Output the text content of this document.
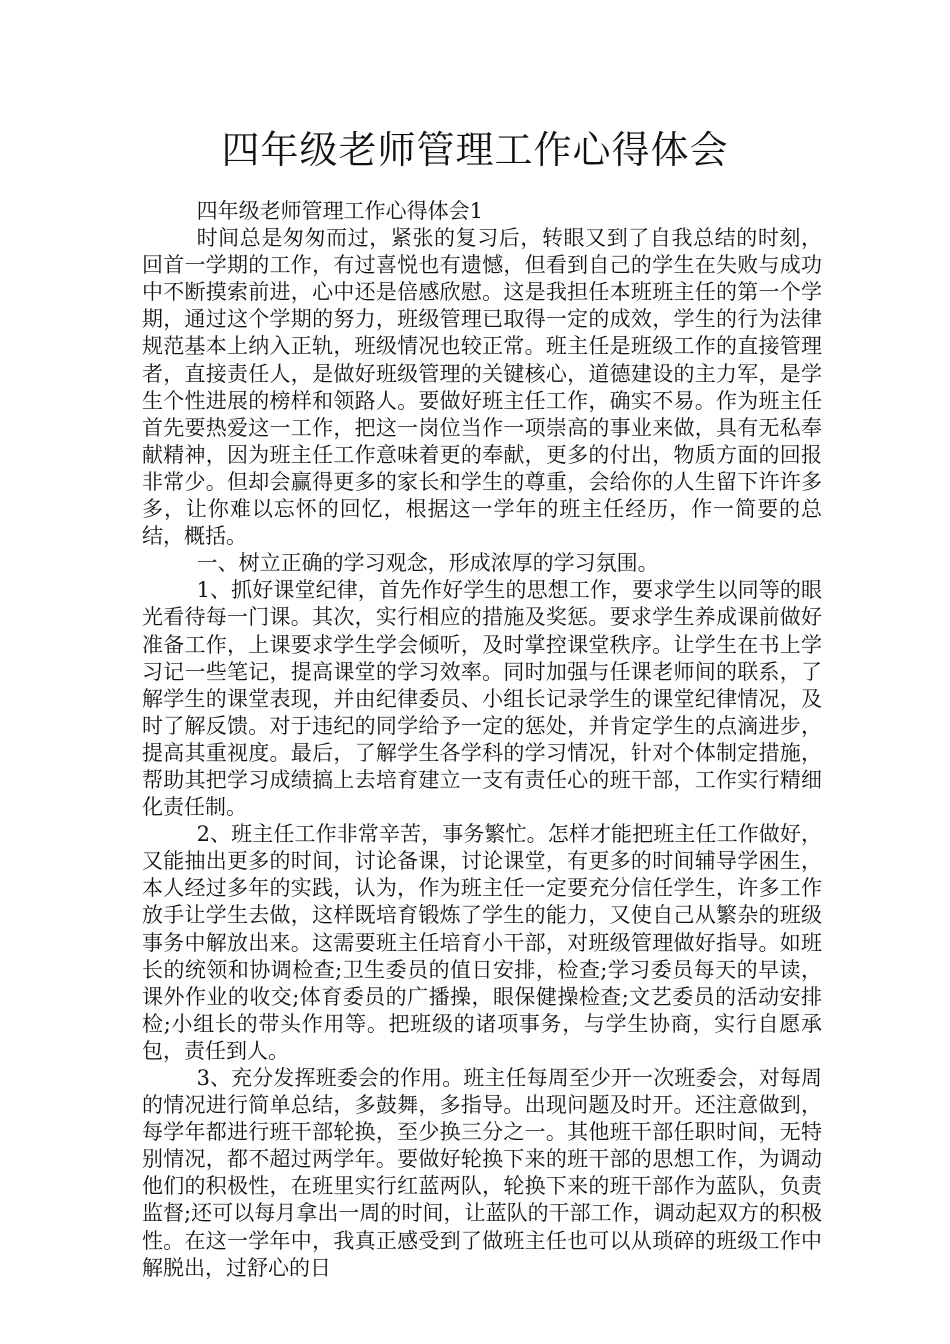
四年级老师管理工作心得体会

四年级老师管理工作心得体会1

时间总是匆匆而过，紧张的复习后，转眼又到了自我总结的时刻，回首一学期的工作，有过喜悦也有遗憾，但看到自己的学生在失败与成功中不断摸索前进，心中还是倍感欣慰。这是我担任本班班主任的第一个学期，通过这个学期的努力，班级管理已取得一定的成效，学生的行为法律规范基本上纳入正轨，班级情况也较正常。班主任是班级工作的直接管理者，直接责任人，是做好班级管理的关键核心，道德建设的主力军，是学生个性进展的榜样和领路人。要做好班主任工作，确实不易。作为班主任首先要热爱这一工作，把这一岗位当作一项崇高的事业来做，具有无私奉献精神，因为班主任工作意味着更的奉献，更多的付出，物质方面的回报非常少。但却会赢得更多的家长和学生的尊重，会给你的人生留下许许多多，让你难以忘怀的回忆，根据这一学年的班主任经历，作一简要的总结，概括。

一、树立正确的学习观念，形成浓厚的学习氛围。

1、抓好课堂纪律，首先作好学生的思想工作，要求学生以同等的眼光看待每一门课。其次，实行相应的措施及奖惩。要求学生养成课前做好准备工作，上课要求学生学会倾听，及时掌控课堂秩序。让学生在书上学习记一些笔记，提高课堂的学习效率。同时加强与任课老师间的联系，了解学生的课堂表现，并由纪律委员、小组长记录学生的课堂纪律情况，及时了解反馈。对于违纪的同学给予一定的惩处，并肯定学生的点滴进步，提高其重视度。最后，了解学生各学科的学习情况，针对个体制定措施，帮助其把学习成绩搞上去培育建立一支有责任心的班干部，工作实行精细化责任制。

2、班主任工作非常辛苦，事务繁忙。怎样才能把班主任工作做好，又能抽出更多的时间，讨论备课，讨论课堂，有更多的时间辅导学困生，本人经过多年的实践，认为，作为班主任一定要充分信任学生，许多工作放手让学生去做，这样既培育锻炼了学生的能力，又使自己从繁杂的班级事务中解放出来。这需要班主任培育小干部，对班级管理做好指导。如班长的统领和协调检查;卫生委员的值日安排，检查;学习委员每天的早读，课外作业的收交;体育委员的广播操，眼保健操检查;文艺委员的活动安排检;小组长的带头作用等。把班级的诸项事务，与学生协商，实行自愿承包，责任到人。

3、充分发挥班委会的作用。班主任每周至少开一次班委会，对每周的情况进行简单总结，多鼓舞，多指导。出现问题及时开。还注意做到，每学年都进行班干部轮换，至少换三分之一。其他班干部任职时间，无特别情况，都不超过两学年。要做好轮换下来的班干部的思想工作，为调动他们的积极性，在班里实行红蓝两队，轮换下来的班干部作为蓝队，负责监督;还可以每月拿出一周的时间，让蓝队的干部工作，调动起双方的积极性。在这一学年中，我真正感受到了做班主任也可以从琐碎的班级工作中解脱出，过舒心的日
